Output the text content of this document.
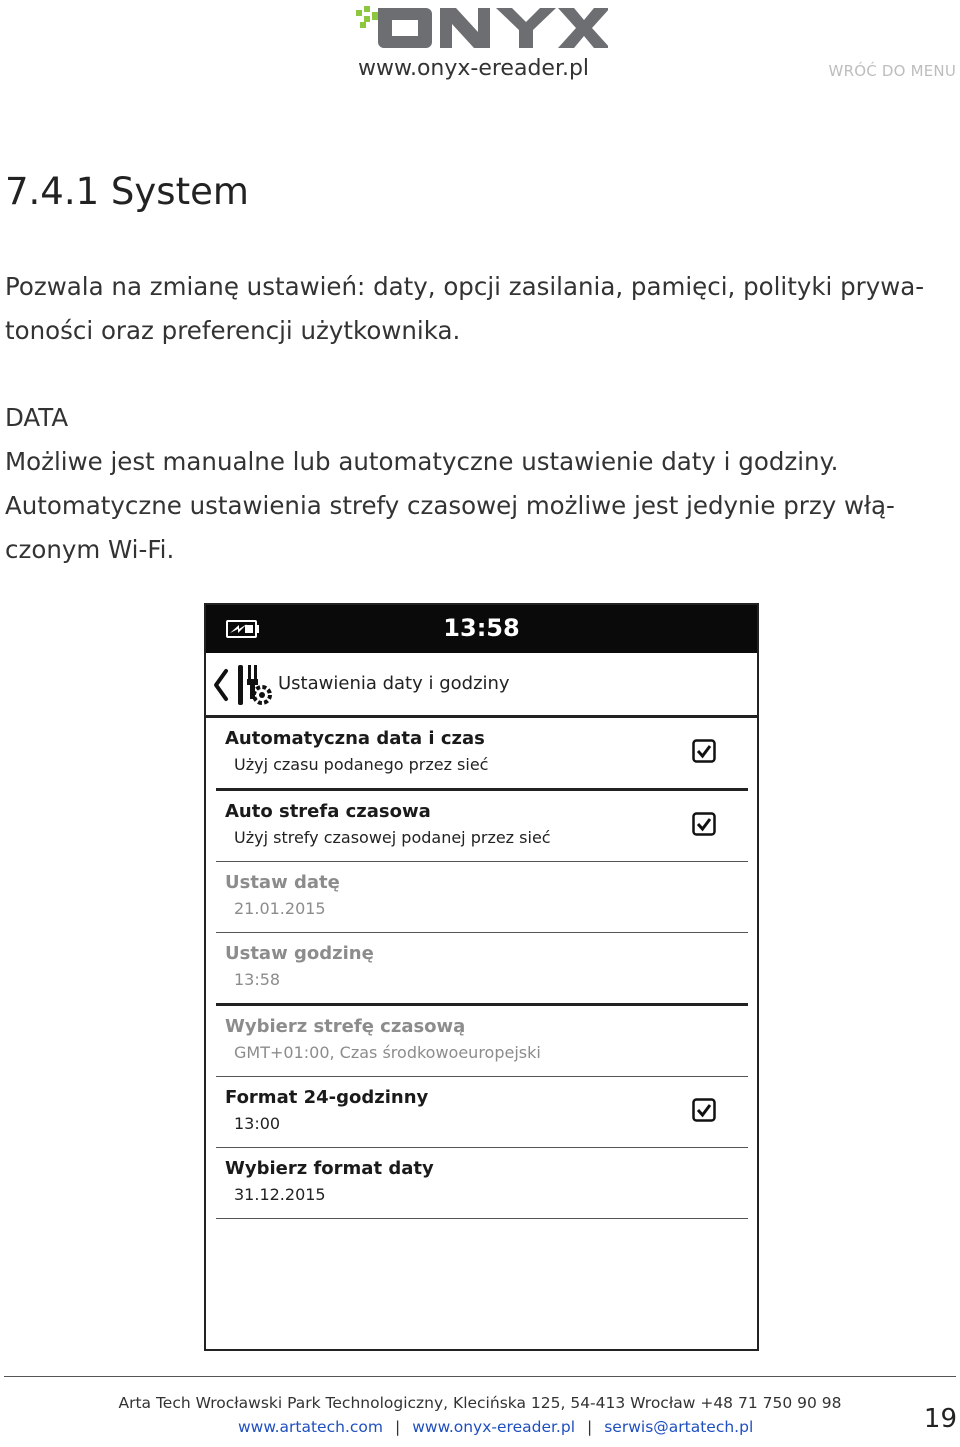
www.onyx-ereader.pl	WRÓĆ DO MENU
7.4.1 System
Pozwala na zmianę ustawień: daty, opcji zasilania, pamięci, polityki prywa-
toności oraz preferencji użytkownika.
DATA
Możliwe jest manualne lub automatyczne ustawienie daty i godziny.
Automatyczne ustawienia strefy czasowej możliwe jest jedynie przy włą-
czonym Wi-Fi.
13:58
Ustawienia daty i godziny
Automatyczna data i czas
Użyj czasu podanego przez sieć
Auto strefa czasowa
Użyj strefy czasowej podanej przez sieć
Ustaw datę
21.01.2015
Ustaw godzinę
13:58
Wybierz strefę czasową
GMT+01:00, Czas środkowoeuropejski
Format 24-godzinny
13:00
Wybierz format daty
31.12.2015
Arta Tech Wrocławski Park Technologiczny, Klecińska 125, 54-413 Wrocław +48 71 750 90 98
www.artatech.com | www.onyx-ereader.pl | serwis@artatech.pl	19
